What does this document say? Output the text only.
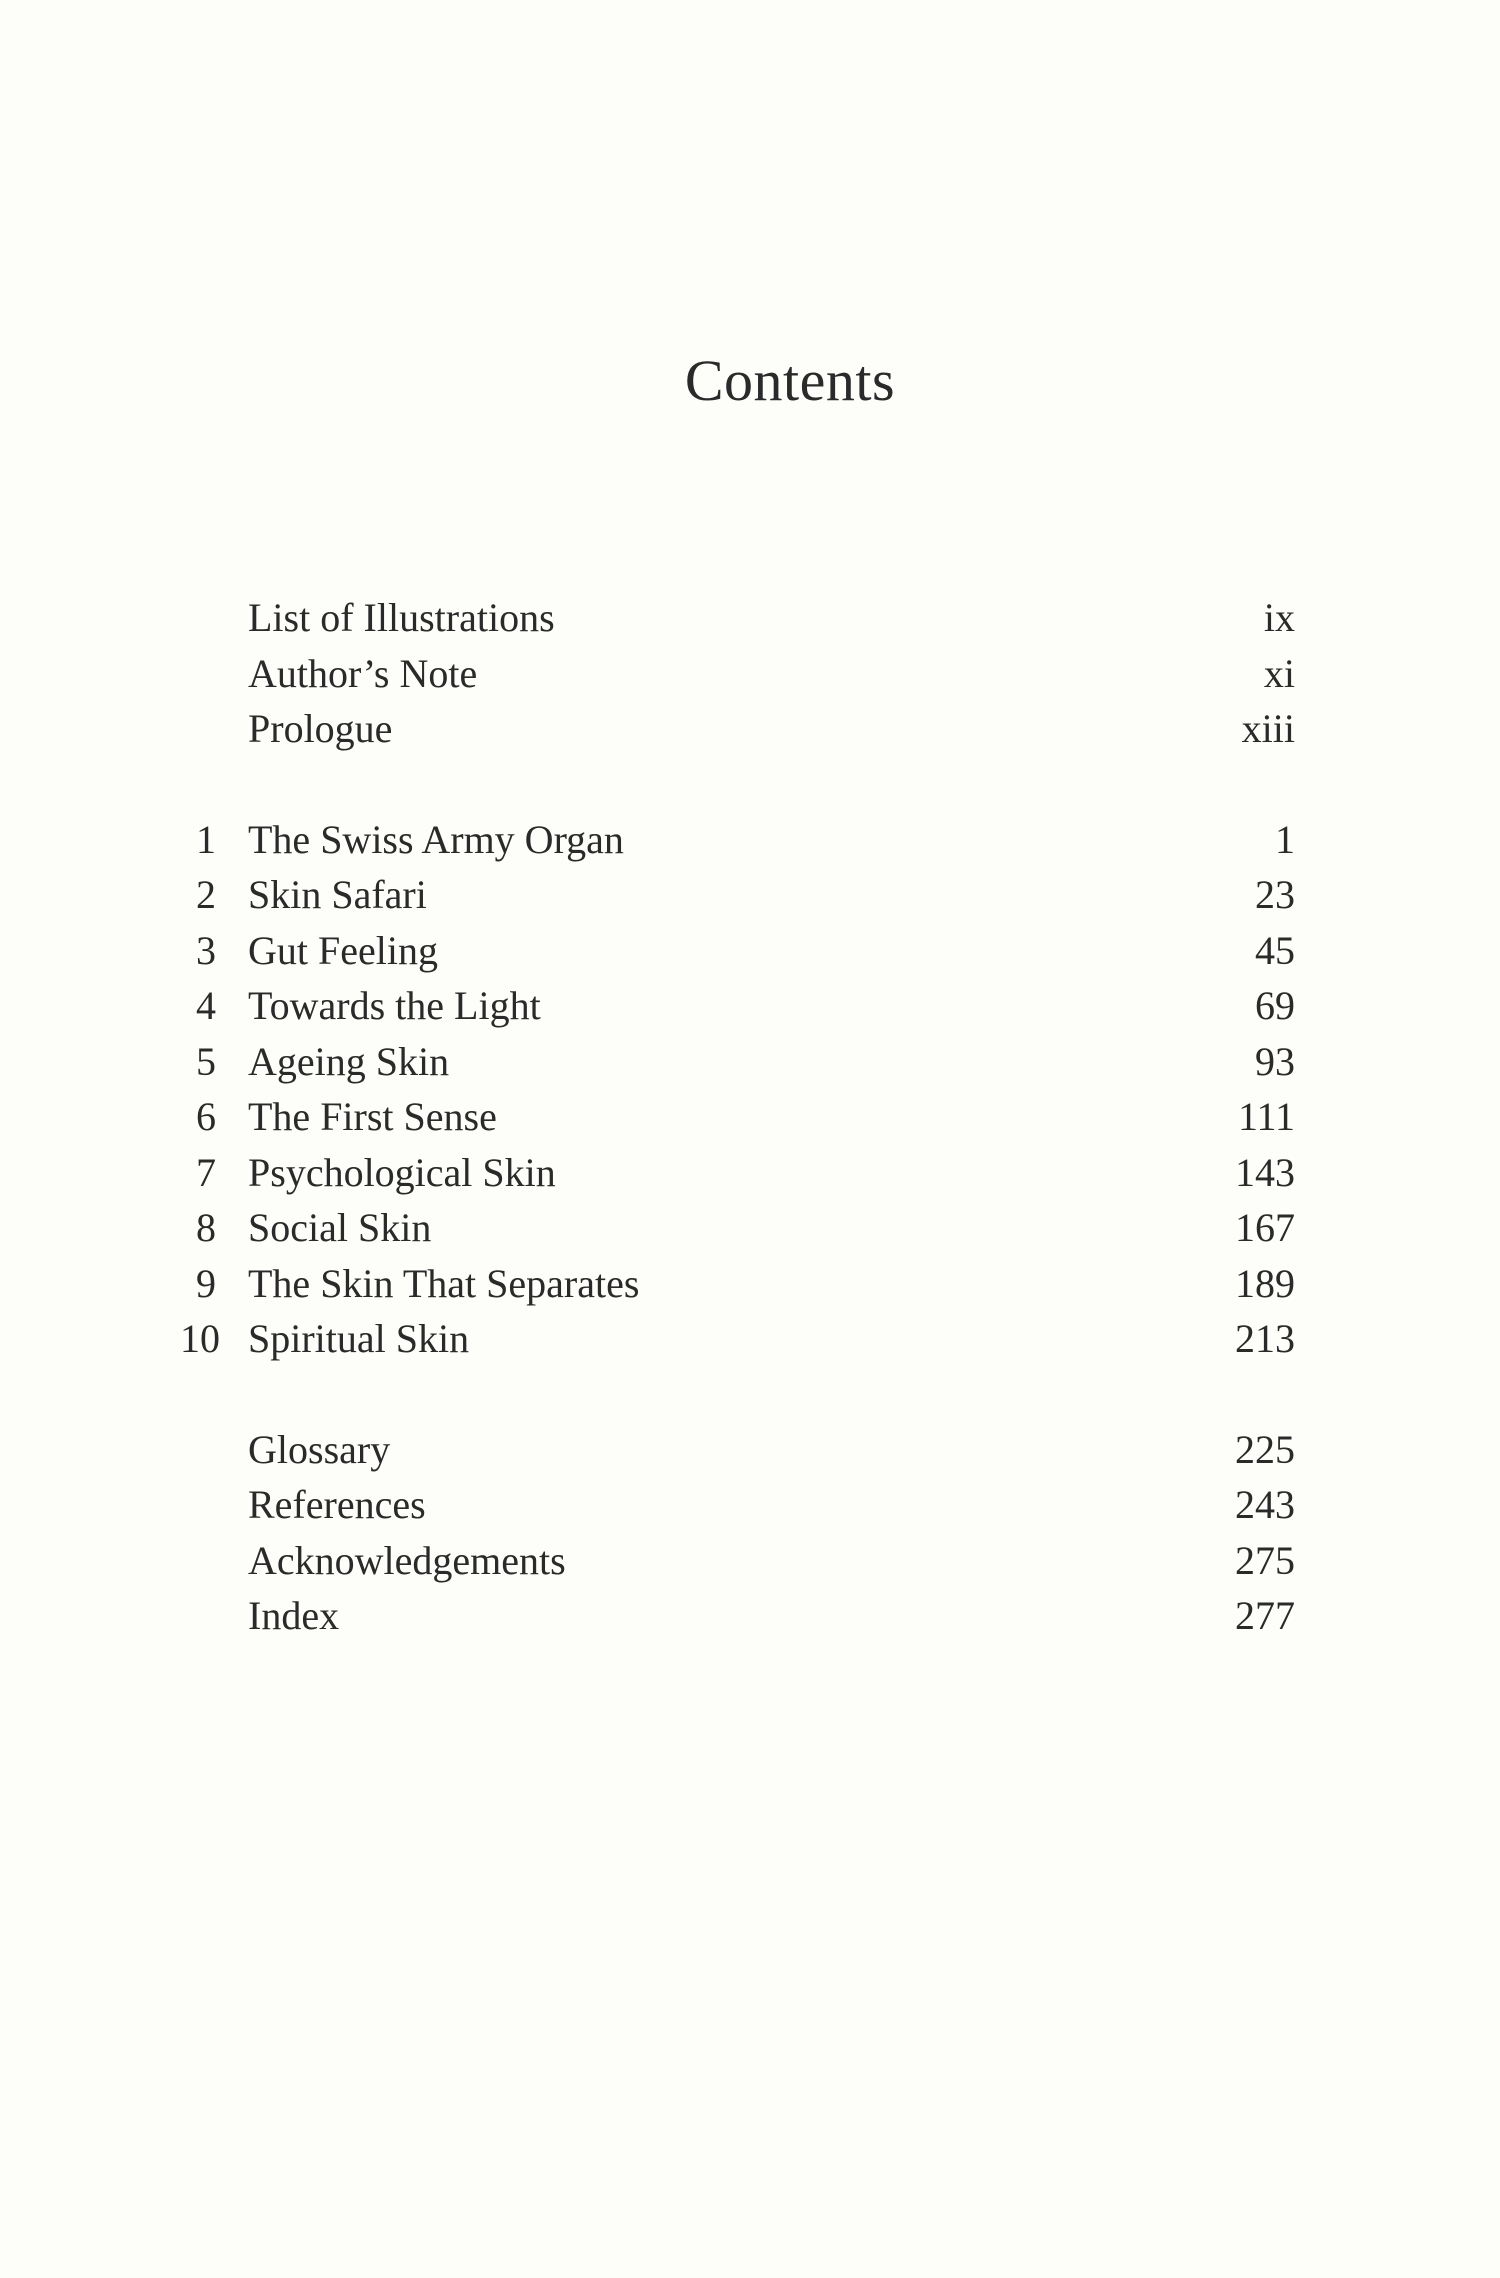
Contents
List of Illustrations	ix
Author’s Note	xi
Prologue	xiii
1 The Swiss Army Organ	1
2 Skin Safari	23
3 Gut Feeling	45
4 Towards the Light	69
5 Ageing Skin	93
6 The First Sense	111
7 Psychological Skin	143
8 Social Skin	167
9 The Skin That Separates	189
10 Spiritual Skin	213
Glossary	225
References	243
Acknowledgements	275
Index	277
